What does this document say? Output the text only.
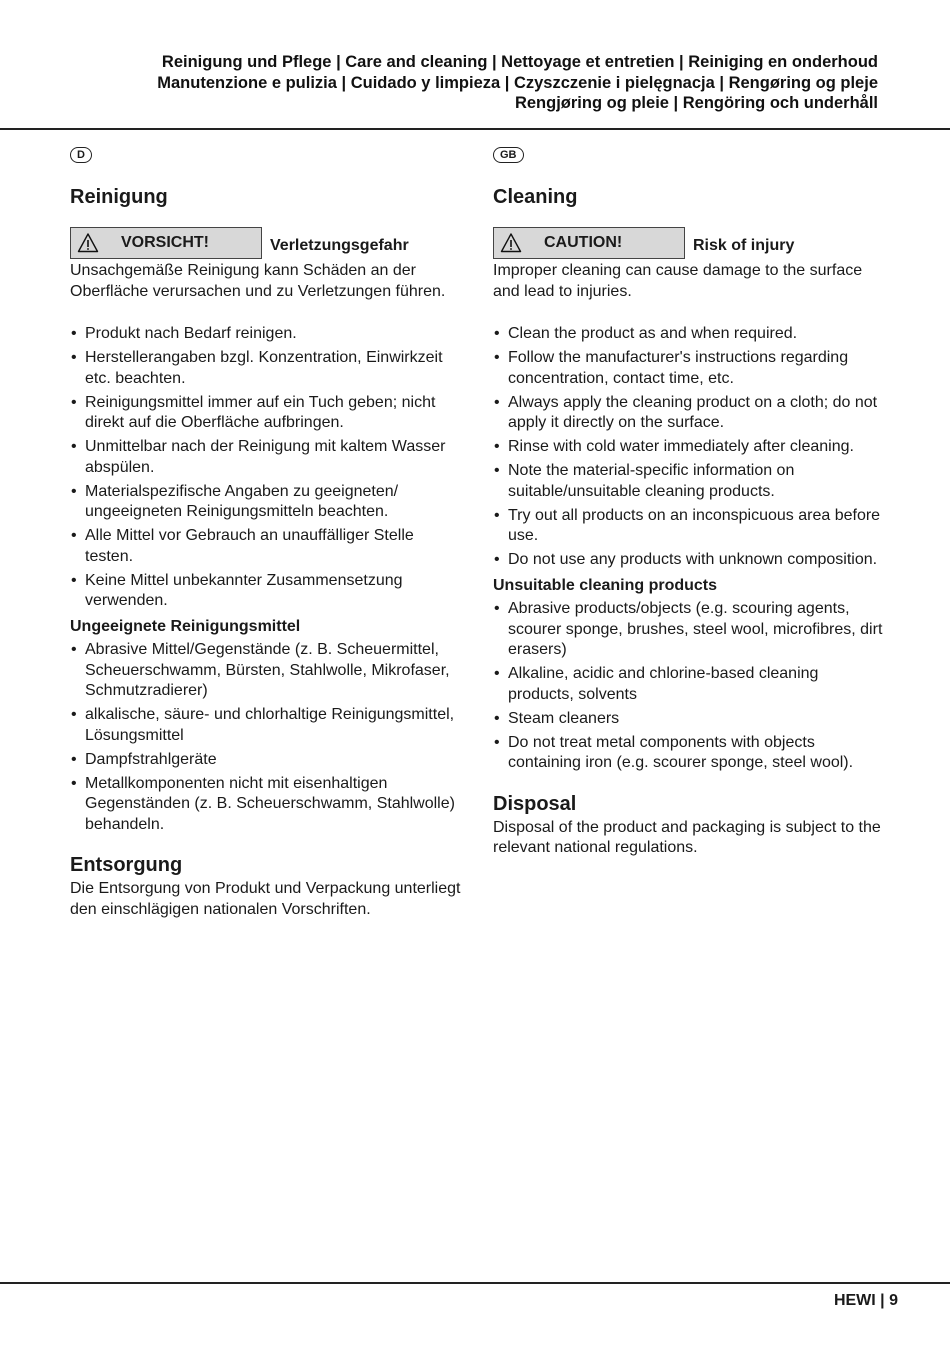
Reinigung und Pflege | Care and cleaning | Nettoyage et entretien | Reiniging en onderhoud
Manutenzione e pulizia | Cuidado y limpieza | Czyszczenie i pielęgnacja | Rengøring og pleje
Rengjøring og pleie | Rengöring och underhåll
D
Reinigung
VORSICHT!	Verletzungsgefahr

Unsachgemäße Reinigung kann Schäden an der Oberfläche verursachen und zu Verletzungen führen.

• Produkt nach Bedarf reinigen.
• Herstellerangaben bzgl. Konzentration, Einwirkzeit etc. beachten.
• Reinigungsmittel immer auf ein Tuch geben; nicht direkt auf die Oberfläche aufbringen.
• Unmittelbar nach der Reinigung mit kaltem Wasser abspülen.
• Materialspezifische Angaben zu geeigneten/ ungeeigneten Reinigungsmitteln beachten.
• Alle Mittel vor Gebrauch an unauffälliger Stelle testen.
• Keine Mittel unbekannter Zusammensetzung verwenden.
Ungeeignete Reinigungsmittel
• Abrasive Mittel/Gegenstände (z. B. Scheuermittel, Scheuerschwamm, Bürsten, Stahlwolle, Mikrofaser, Schmutzradierer)
• alkalische, säure- und chlorhaltige Reinigungsmittel, Lösungsmittel
• Dampfstrahlgeräte
• Metallkomponenten nicht mit eisenhaltigen Gegenständen (z. B. Scheuerschwamm, Stahlwolle) behandeln.
Entsorgung

Die Entsorgung von Produkt und Verpackung unterliegt den einschlägigen nationalen Vorschriften.

GB
Cleaning
CAUTION!	Risk of injury

Improper cleaning can cause damage to the surface and lead to injuries.

• Clean the product as and when required.
• Follow the manufacturer's instructions regarding concentration, contact time, etc.
• Always apply the cleaning product on a cloth; do not apply it directly on the surface.
• Rinse with cold water immediately after cleaning.
• Note the material-specific information on suitable/unsuitable cleaning products.
• Try out all products on an inconspicuous area before use.
• Do not use any products with unknown composition.
Unsuitable cleaning products
• Abrasive products/objects (e.g. scouring agents, scourer sponge, brushes, steel wool, microfibres, dirt erasers)
• Alkaline, acidic and chlorine-based cleaning products, solvents
• Steam cleaners
• Do not treat metal components with objects containing iron (e.g. scourer sponge, steel wool).
Disposal

Disposal of the product and packaging is subject to the relevant national regulations.

HEWI | 9
